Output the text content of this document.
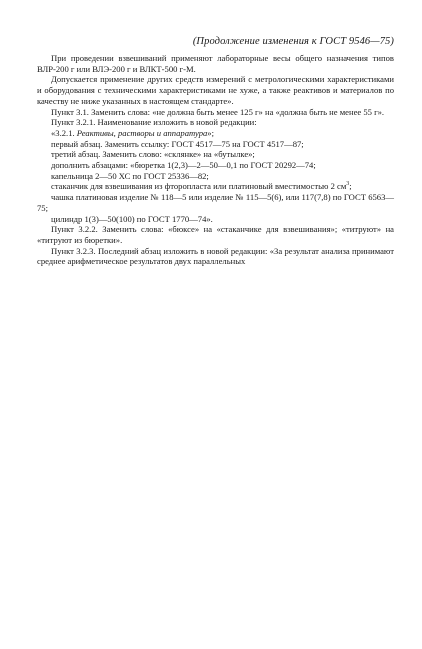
(Продолжение изменения к ГОСТ 9546—75)

При проведении взвешиваний применяют лабораторные весы общего назначения типов ВЛР-200 г или ВЛЭ-200 г и ВЛКТ-500 г-М.

Допускается применение других средств измерений с метрологическими характеристиками и оборудования с техническими характеристиками не хуже, а также реактивов и материалов по качеству не ниже указанных в настоящем стандарте».

Пункт 3.1. Заменить слова: «не должна быть менее 125 г» на «должна быть не менее 55 г».

Пункт 3.2.1. Наименование изложить в новой редакции:

«3.2.1. Реактивы, растворы и аппаратура»;

первый абзац. Заменить ссылку: ГОСТ 4517—75 на ГОСТ 4517—87;

третий абзац. Заменить слово: «склянке» на «бутылке»;

дополнить абзацами: «бюретка 1(2,3)—2—50—0,1 по ГОСТ 20292—74;

капельница 2—50 ХС по ГОСТ 25336—82;

стаканчик для взвешивания из фторопласта или платиновый вместимостью 2 $см^3$;

чашка платиновая изделие № 118—5 или изделие № 115—5(6), или 117(7,8) по ГОСТ 6563—75;

цилиндр 1(3)—50(100) по ГОСТ 1770—74».

Пункт 3.2.2. Заменить слова: «бюксе» на «стаканчике для взвешивания»; «титруют» на «титруют из бюретки».

Пункт 3.2.3. Последний абзац изложить в новой редакции: «За результат анализа принимают среднее арифметическое результатов двух параллельных
